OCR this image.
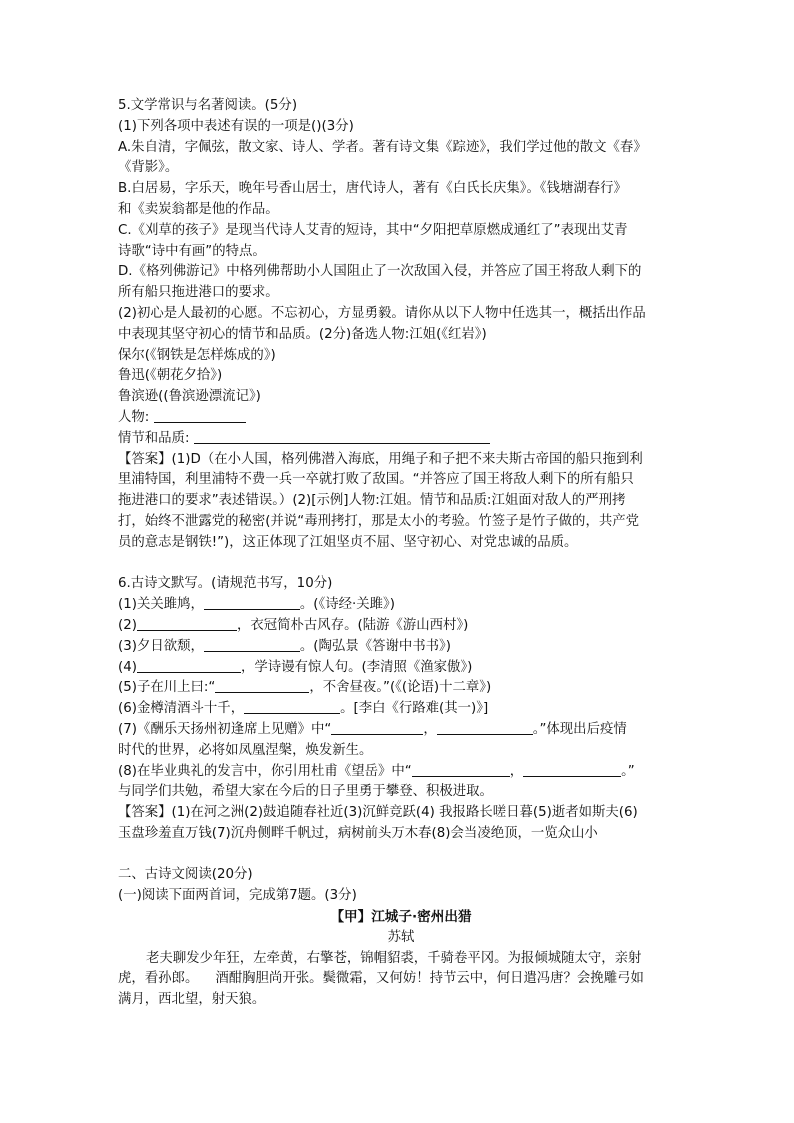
5.文学常识与名著阅读。(5分)
(1)下列各项中表述有误的一项是()(3分)
A.朱自清，字佩弦，散文家、诗人、学者。著有诗文集《踪迹》，我们学过他的散文《春》
《背影》。
B.白居易，字乐天，晚年号香山居士，唐代诗人，著有《白氏长庆集》。《钱塘湖春行》
和《卖炭翁都是他的作品。
C.《刈草的孩子》是现当代诗人艾青的短诗，其中“夕阳把草原燃成通红了”表现出艾青
诗歌“诗中有画”的特点。
D.《格列佛游记》中格列佛帮助小人国阻止了一次敌国入侵，并答应了国王将敌人剩下的
所有船只拖进港口的要求。
(2)初心是人最初的心愿。不忘初心，方显勇毅。请你从以下人物中任选其一，概括出作品
中表现其坚守初心的情节和品质。(2分)备选人物:江姐(《红岩》)
保尔(《钢铁是怎样炼成的》)
鲁迅(《朝花夕拾》)
鲁滨逊((鲁滨逊漂流记》)
人物:
情节和品质:
【答案】(1)D（在小人国，格列佛潜入海底，用绳子和子把不来夫斯古帝国的船只拖到利
里浦特国，利里浦特不费一兵一卒就打败了敌国。“并答应了国王将敌人剩下的所有船只
拖进港口的要求”表述错误。）(2)[示例]人物:江姐。情节和品质:江姐面对敌人的严刑拷
打，始终不泄露党的秘密(并说“毒刑拷打，那是太小的考验。竹签子是竹子做的，共产党
员的意志是钢铁!”)，这正体现了江姐坚贞不屈、坚守初心、对党忠诚的品质。
6.古诗文默写。(请规范书写，10分)
(1)关关雎鸠，	。(《诗经·关雎》)
(2)	，衣冠简朴古风存。(陆游《游山西村》)
(3)夕日欲颓，	。(陶弘景《答谢中书书》)
(4)	，学诗谩有惊人句。(李清照《渔家傲》)
(5)子在川上曰:“	，不舍昼夜。”(《(论语)十二章》)
(6)金樽清酒斗十千，	。[李白《行路难(其一)》]
(7)《酬乐天扬州初逢席上见赠》中“	，	。”体现出后疫情
时代的世界，必将如凤凰涅槃，焕发新生。
(8)在毕业典礼的发言中，你引用杜甫《望岳》中“	，	。”
与同学们共勉，希望大家在今后的日子里勇于攀登、积极进取。
【答案】(1)在河之洲(2)鼓追随春社近(3)沉鲜竞跃(4) 我报路长嗟日暮(5)逝者如斯夫(6)
玉盘珍羞直万钱(7)沉舟侧畔千帆过，病树前头万木春(8)会当凌绝顶，一览众山小
二、古诗文阅读(20分)
(一)阅读下面两首词，完成第7题。(3分)
【甲】江城子·密州出猎
苏轼
老夫聊发少年狂，左牵黄，右擎苍，锦帽貂裘，千骑卷平冈。为报倾城随太守，亲射
虎，看孙郎。    酒酣胸胆尚开张。鬓微霜，又何妨！持节云中，何日遣冯唐？会挽雕弓如
满月，西北望，射天狼。
